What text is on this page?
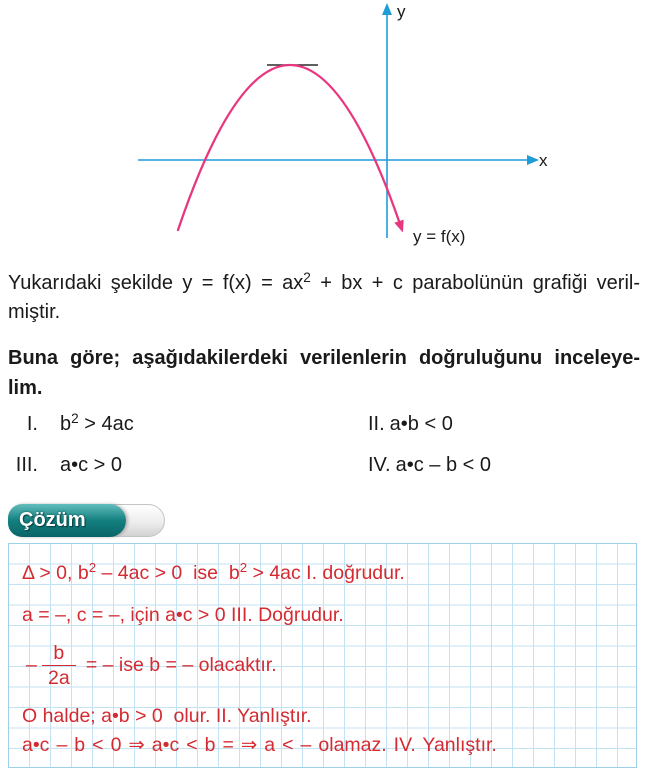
y
x
y = f(x)
Yukarıdaki şekilde $y = f(x) = ax^2$ + bx + c parabolünün grafiği veril-
miştir.
Buna göre; aşağıdakilerdeki verilenlerin doğruluğunu inceleye-
lim.
I. $b^2 > 4ac$	II. a•b < 0
III. a•c > 0	IV. a•c – b < 0
Çözüm
Δ > 0, $b^2 - 4ac > 0$  ise  $b^2 > 4ac$ I. doğrudur.
a = –, c = –, için a•c > 0 III. Doğrudur.
– $\frac{b}{2a}$ = – ise b = – olacaktır.
O halde; a•b > 0  olur. II. Yanlıştır.
a•c – b < 0 ⇒ a•c < b = ⇒ a < – olamaz. IV. Yanlıştır.
